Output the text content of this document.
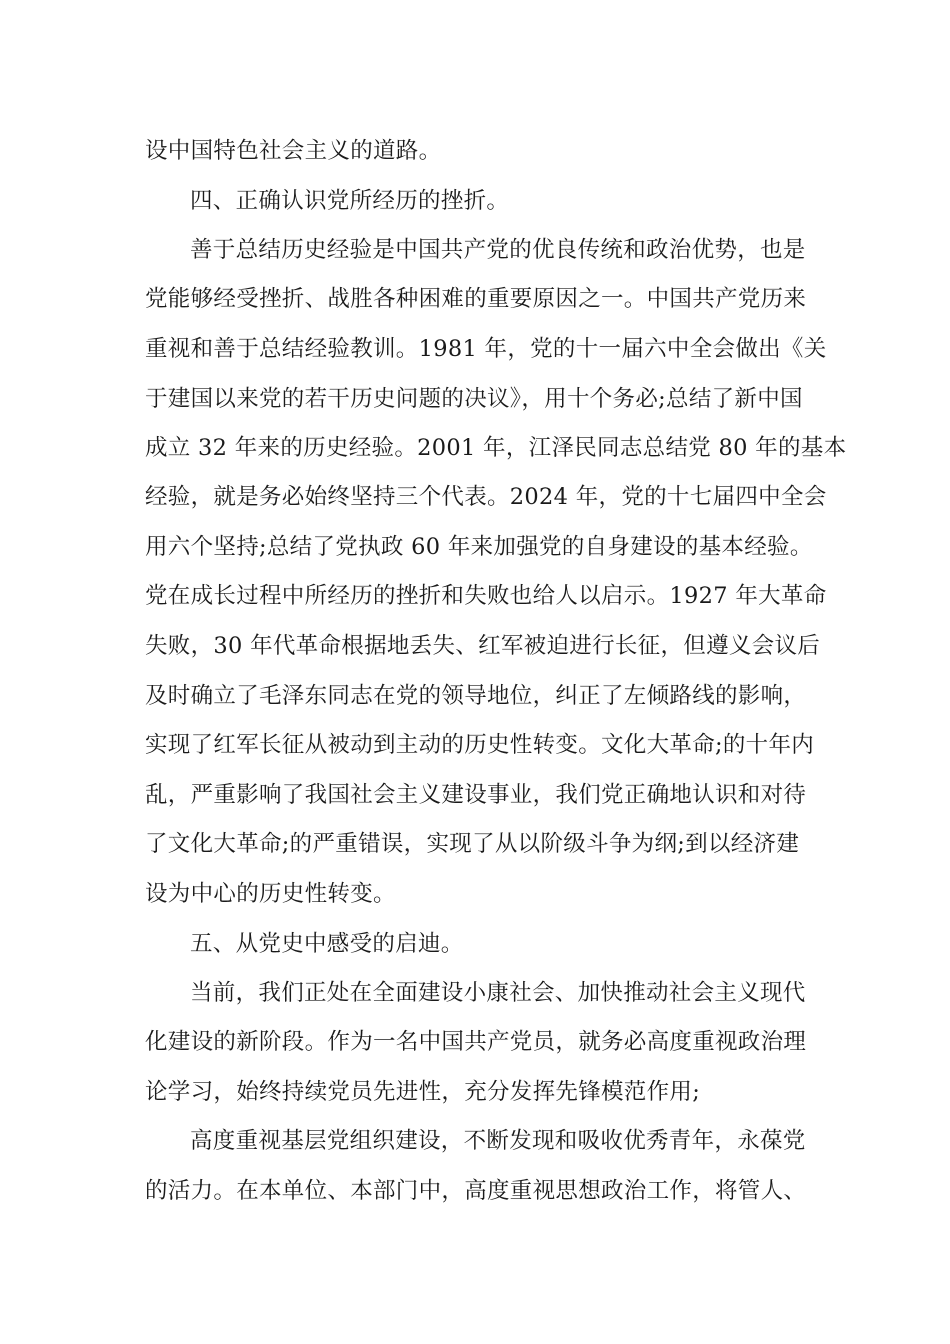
设中国特色社会主义的道路。

四、正确认识党所经历的挫折。

善于总结历史经验是中国共产党的优良传统和政治优势，也是

党能够经受挫折、战胜各种困难的重要原因之一。中国共产党历来

重视和善于总结经验教训。1981 年，党的十一届六中全会做出《关

于建国以来党的若干历史问题的决议》，用十个务必;总结了新中国

成立 32 年来的历史经验。2001 年，江泽民同志总结党 80 年的基本

经验，就是务必始终坚持三个代表。2024 年，党的十七届四中全会

用六个坚持;总结了党执政 60 年来加强党的自身建设的基本经验。

党在成长过程中所经历的挫折和失败也给人以启示。1927 年大革命

失败，30 年代革命根据地丢失、红军被迫进行长征，但遵义会议后

及时确立了毛泽东同志在党的领导地位，纠正了左倾路线的影响，

实现了红军长征从被动到主动的历史性转变。文化大革命;的十年内

乱，严重影响了我国社会主义建设事业，我们党正确地认识和对待

了文化大革命;的严重错误，实现了从以阶级斗争为纲;到以经济建

设为中心的历史性转变。

五、从党史中感受的启迪。

当前，我们正处在全面建设小康社会、加快推动社会主义现代

化建设的新阶段。作为一名中国共产党员，就务必高度重视政治理

论学习，始终持续党员先进性，充分发挥先锋模范作用;

高度重视基层党组织建设，不断发现和吸收优秀青年，永葆党

的活力。在本单位、本部门中，高度重视思想政治工作，将管人、
